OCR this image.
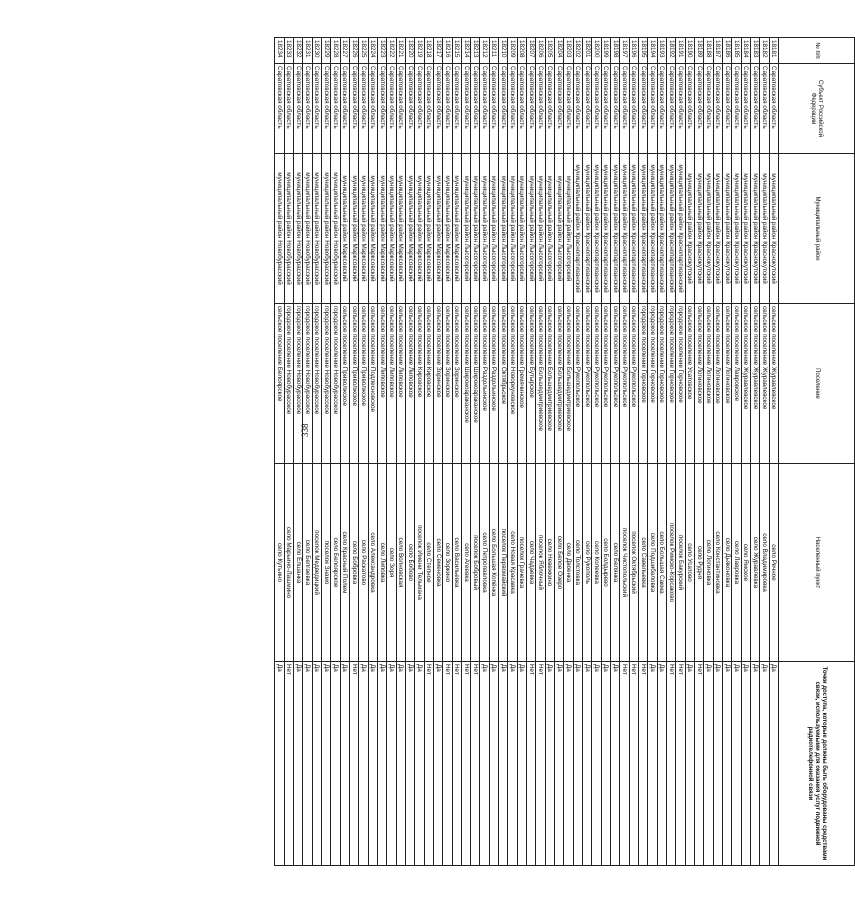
338
№ п/п	Субъект Российской Федерации	Муниципальный район	Поселение	Населенный пункт	Точки доступа, которые должны быть оборудованы средствами связи, используемыми для оказания услуг подвижной радиотелефонной связи
18181	Саратовская область	муниципальный район Краснокутский	сельское поселение Журавлевское	село Речное	Да
18182	Саратовская область	муниципальный район Краснокутский	сельское поселение Журавлевское	село Владимировка	Да
18183	Саратовская область	муниципальный район Краснокутский	сельское поселение Журавлевское	село Журавлевка	Да
18184	Саратовская область	муниципальный район Краснокутский	сельское поселение Журавлевское	село Ямское	Да
18185	Саратовская область	муниципальный район Краснокутский	сельское поселение Лавровское	село Лавровка	Да
18186	Саратовская область	муниципальный район Краснокутский	сельское поселение Логиновское	село Дьяконовка	Да
18187	Саратовская область	муниципальный район Краснокутский	сельское поселение Логиновское	село Константиновка	Да
18188	Саратовская область	муниципальный район Краснокутский	сельское поселение Логиновское	село Логиновка	Да
18189	Саратовская область	муниципальный район Краснокутский	сельское поселение Логиновское	село Рудня	Нет
18190	Саратовская область	муниципальный район Краснокутский	сельское поселение Усатовское	село Усатово	Да
18191	Саратовская область	муниципальный район Краснопартизанский	городское поселение Горновское	поселок Бакурский	Нет
18192	Саратовская область	муниципальный район Краснопартизанский	городское поселение Горновское	поселок Римско-Корсаково	Нет
18193	Саратовская область	муниципальный район Краснопартизанский	городское поселение Горновское	село Большая Сакма	Да
18194	Саратовская область	муниципальный район Краснопартизанский	городское поселение Горновское	село Подшибаловка	Да
18195	Саратовская область	муниципальный район Краснопартизанский	городское поселение Горновское	село Савельевка	Нет
18196	Саратовская область	муниципальный район Краснопартизанский	сельское поселение Рукопольское	поселок Октябрьский	Нет
18197	Саратовская область	муниципальный район Краснопартизанский	сельское поселение Рукопольское	поселок Чистопольский	Нет
18198	Саратовская область	муниципальный район Краснопартизанский	сельское поселение Рукопольское	село Белянка	Да
18199	Саратовская область	муниципальный район Краснопартизанский	сельское поселение Рукопольское	село Болдырево	Да
18200	Саратовская область	муниципальный район Краснопартизанский	сельское поселение Рукопольское	село Колеевка	Да
18201	Саратовская область	муниципальный район Краснопартизанский	сельское поселение Рукопольское	село Рукополь	Да
18202	Саратовская область	муниципальный район Краснопартизанский	сельское поселение Рукопольское	село Толстовка	Да
18203	Саратовская область	муниципальный район Лысогорский	сельское поселение Большедмитриевское	село Двоенка	Да
18204	Саратовская область	муниципальный район Лысогорский	сельское поселение Большедмитриевское	село Белое Озеро	Да
18205	Саратовская область	муниципальный район Лысогорский	сельское поселение Большедмитриевское	село Невежкино	Да
18206	Саратовская область	муниципальный район Лысогорский	сельское поселение Большедмитриевское	поселок Яблочный	Нет
18207	Саратовская область	муниципальный район Лысогорский	сельское поселение Бутырское	село Чадаевка	Нет
18208	Саратовская область	муниципальный район Лысогорский	сельское поселение Гремячинское	поселок Грачевка	Да
18209	Саратовская область	муниципальный район Лысогорский	сельское поселение Новоркуновское	село Новая Красавка	Да
18210	Саратовская область	муниципальный район Лысогорский	сельское поселение Октябрьское	поселок Первомайский	Да
18211	Саратовская область	муниципальный район Лысогорский	сельское поселение Раздольинское	село Большая Копёнка	Да
18212	Саратовская область	муниципальный район Лысогорский	сельское поселение Раздольинское	село Петропавловка	Да
18213	Саратовская область	муниципальный район Лысогорский	сельское поселение Широкоараканское	поселок Бобровый	Нет
18214	Саратовская область	муниципальный район Лысогорский	сельское поселение Широкоараканское	село Агеевка	Нет
18215	Саратовская область	муниципальный район Марксовский	сельское поселение Зоринское	село Васильевка	Нет
18216	Саратовская область	муниципальный район Марксовский	сельское поселение Зоринское	село Зоркино	Нет
18217	Саратовская область	муниципальный район Марксовский	сельское поселение Зоринское	село Семеновка	Да
18218	Саратовская область	муниципальный район Марксовский	сельское поселение Кировское	село Степное	Нет
18219	Саратовская область	муниципальный район Марксовский	сельское поселение Кировское	поселок Имени Тельмана	Да
18220	Саратовская область	муниципальный район Марксовский	сельское поселение Липовское	село Бобово	Да
18221	Саратовская область	муниципальный район Марксовский	сельское поселение Липовское	село Волновская	Да
18222	Саратовская область	муниципальный район Марксовский	сельское поселение Липовское	село Зоря	Да
18223	Саратовская область	муниципальный район Марксовский	сельское поселение Липовское	село Липовка	Да
18224	Саратовская область	муниципальный район Марксовский	сельское поселение Подлесновское	село Александровка	Да
18225	Саратовская область	муниципальный район Марксовский	сельское поселение Приволжское	село Раскатово	Да
18226	Саратовская область	муниципальный район Марксовский	сельское поселение Приволжское	село Бобровка	Нет
18227	Саратовская область	муниципальный район Марксовский	сельское поселение Приволжское	село Красный Полем	Да
18228	Саратовская область	муниципальный район Новобурасский	городское поселение Новобурасское	село Белоярское	Да
18229	Саратовская область	муниципальный район Новобурасский	городское поселение Новобурасское	поселок Знамо	Да
18230	Саратовская область	муниципальный район Новобурасский	городское поселение Новобурасское	поселок Медведицкий	Да
18231	Саратовская область	муниципальный район Новобурасский	городское поселение Новобурасское	село Белгаевка	Да
18232	Саратовская область	муниципальный район Новобурасский	городское поселение Новобурасское	село Елшанка	Да
18233	Саратовская область	муниципальный район Новобурасский	городское поселение Новобурасское	село Марьино-Лашмино	Нет
18234	Саратовская область	муниципальный район Новобурасский	сельское поселение Белоярское	село Кутьино	Да
